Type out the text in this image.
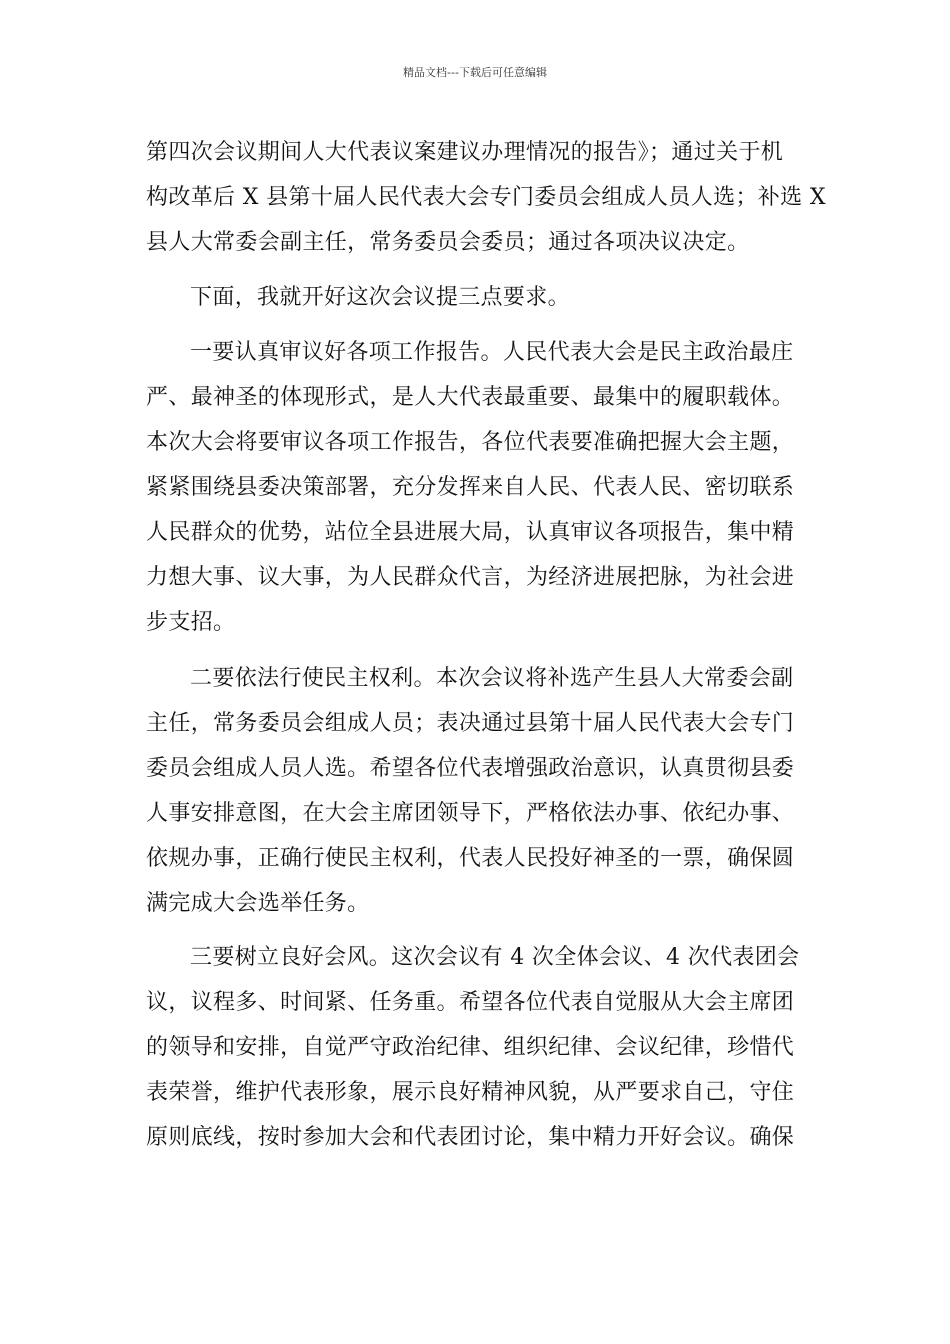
精品文档---下载后可任意编辑
第四次会议期间人大代表议案建议办理情况的报告》；通过关于机
构改革后 X 县第十届人民代表大会专门委员会组成人员人选；补选 X
县人大常委会副主任，常务委员会委员；通过各项决议决定。
下面，我就开好这次会议提三点要求。
一要认真审议好各项工作报告。人民代表大会是民主政治最庄
严、最神圣的体现形式，是人大代表最重要、最集中的履职载体。
本次大会将要审议各项工作报告，各位代表要准确把握大会主题，
紧紧围绕县委决策部署，充分发挥来自人民、代表人民、密切联系
人民群众的优势，站位全县进展大局，认真审议各项报告，集中精
力想大事、议大事，为人民群众代言，为经济进展把脉，为社会进
步支招。
二要依法行使民主权利。本次会议将补选产生县人大常委会副
主任，常务委员会组成人员；表决通过县第十届人民代表大会专门
委员会组成人员人选。希望各位代表增强政治意识，认真贯彻县委
人事安排意图，在大会主席团领导下，严格依法办事、依纪办事、
依规办事，正确行使民主权利，代表人民投好神圣的一票，确保圆
满完成大会选举任务。
三要树立良好会风。这次会议有 4 次全体会议、4 次代表团会
议，议程多、时间紧、任务重。希望各位代表自觉服从大会主席团
的领导和安排，自觉严守政治纪律、组织纪律、会议纪律，珍惜代
表荣誉，维护代表形象，展示良好精神风貌，从严要求自己，守住
原则底线，按时参加大会和代表团讨论，集中精力开好会议。确保
